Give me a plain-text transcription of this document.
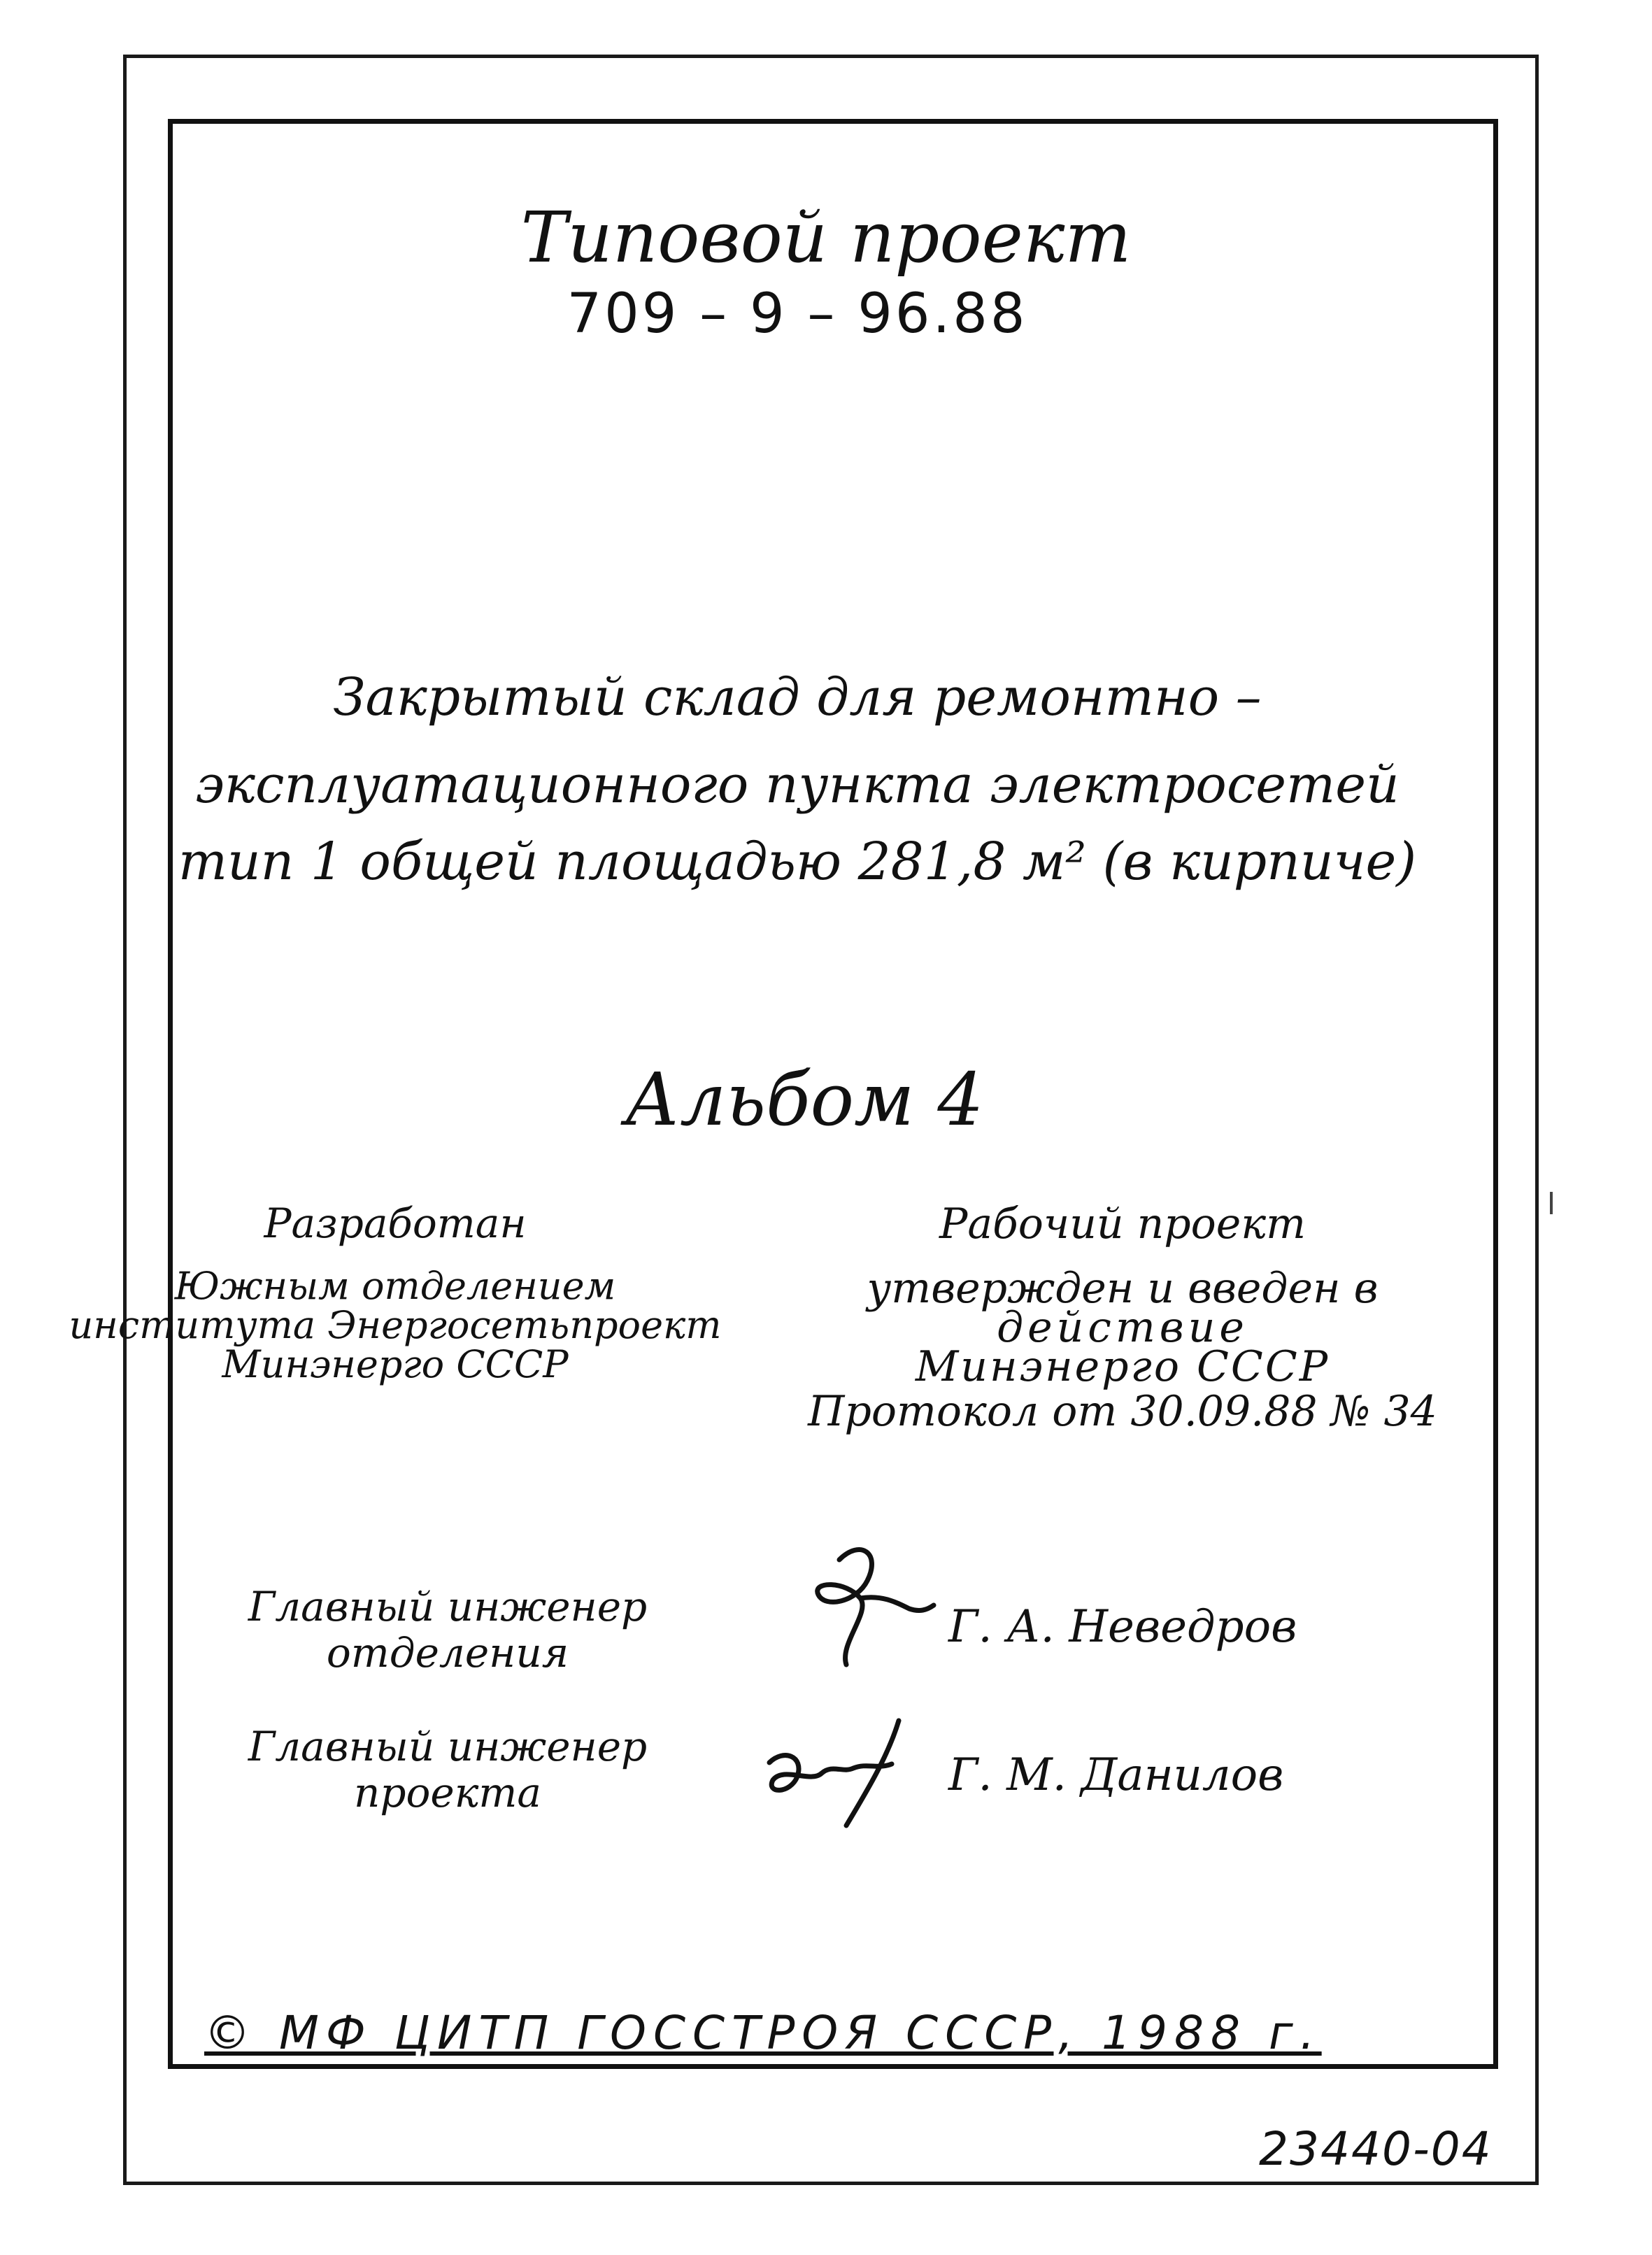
Типовой проект
709 – 9 – 96.88
Закрытый склад для ремонтно –
эксплуатационного пункта электросетей
тип 1 общей площадью 281,8 м² (в кирпиче)
Альбом 4
Разработан
Южным отделением
института Энергосетьпроект
Минэнерго СССР
Рабочий проект
утвержден и введен в
действие
Минэнерго СССР
Протокол от 30.09.88 № 34
Главный инженер
отделения	Г. А. Неведров
Главный инженер
проекта	Г. М. Данилов
© МФ ЦИТП ГОССТРОЯ СССР, 1988 г.
23440-04
